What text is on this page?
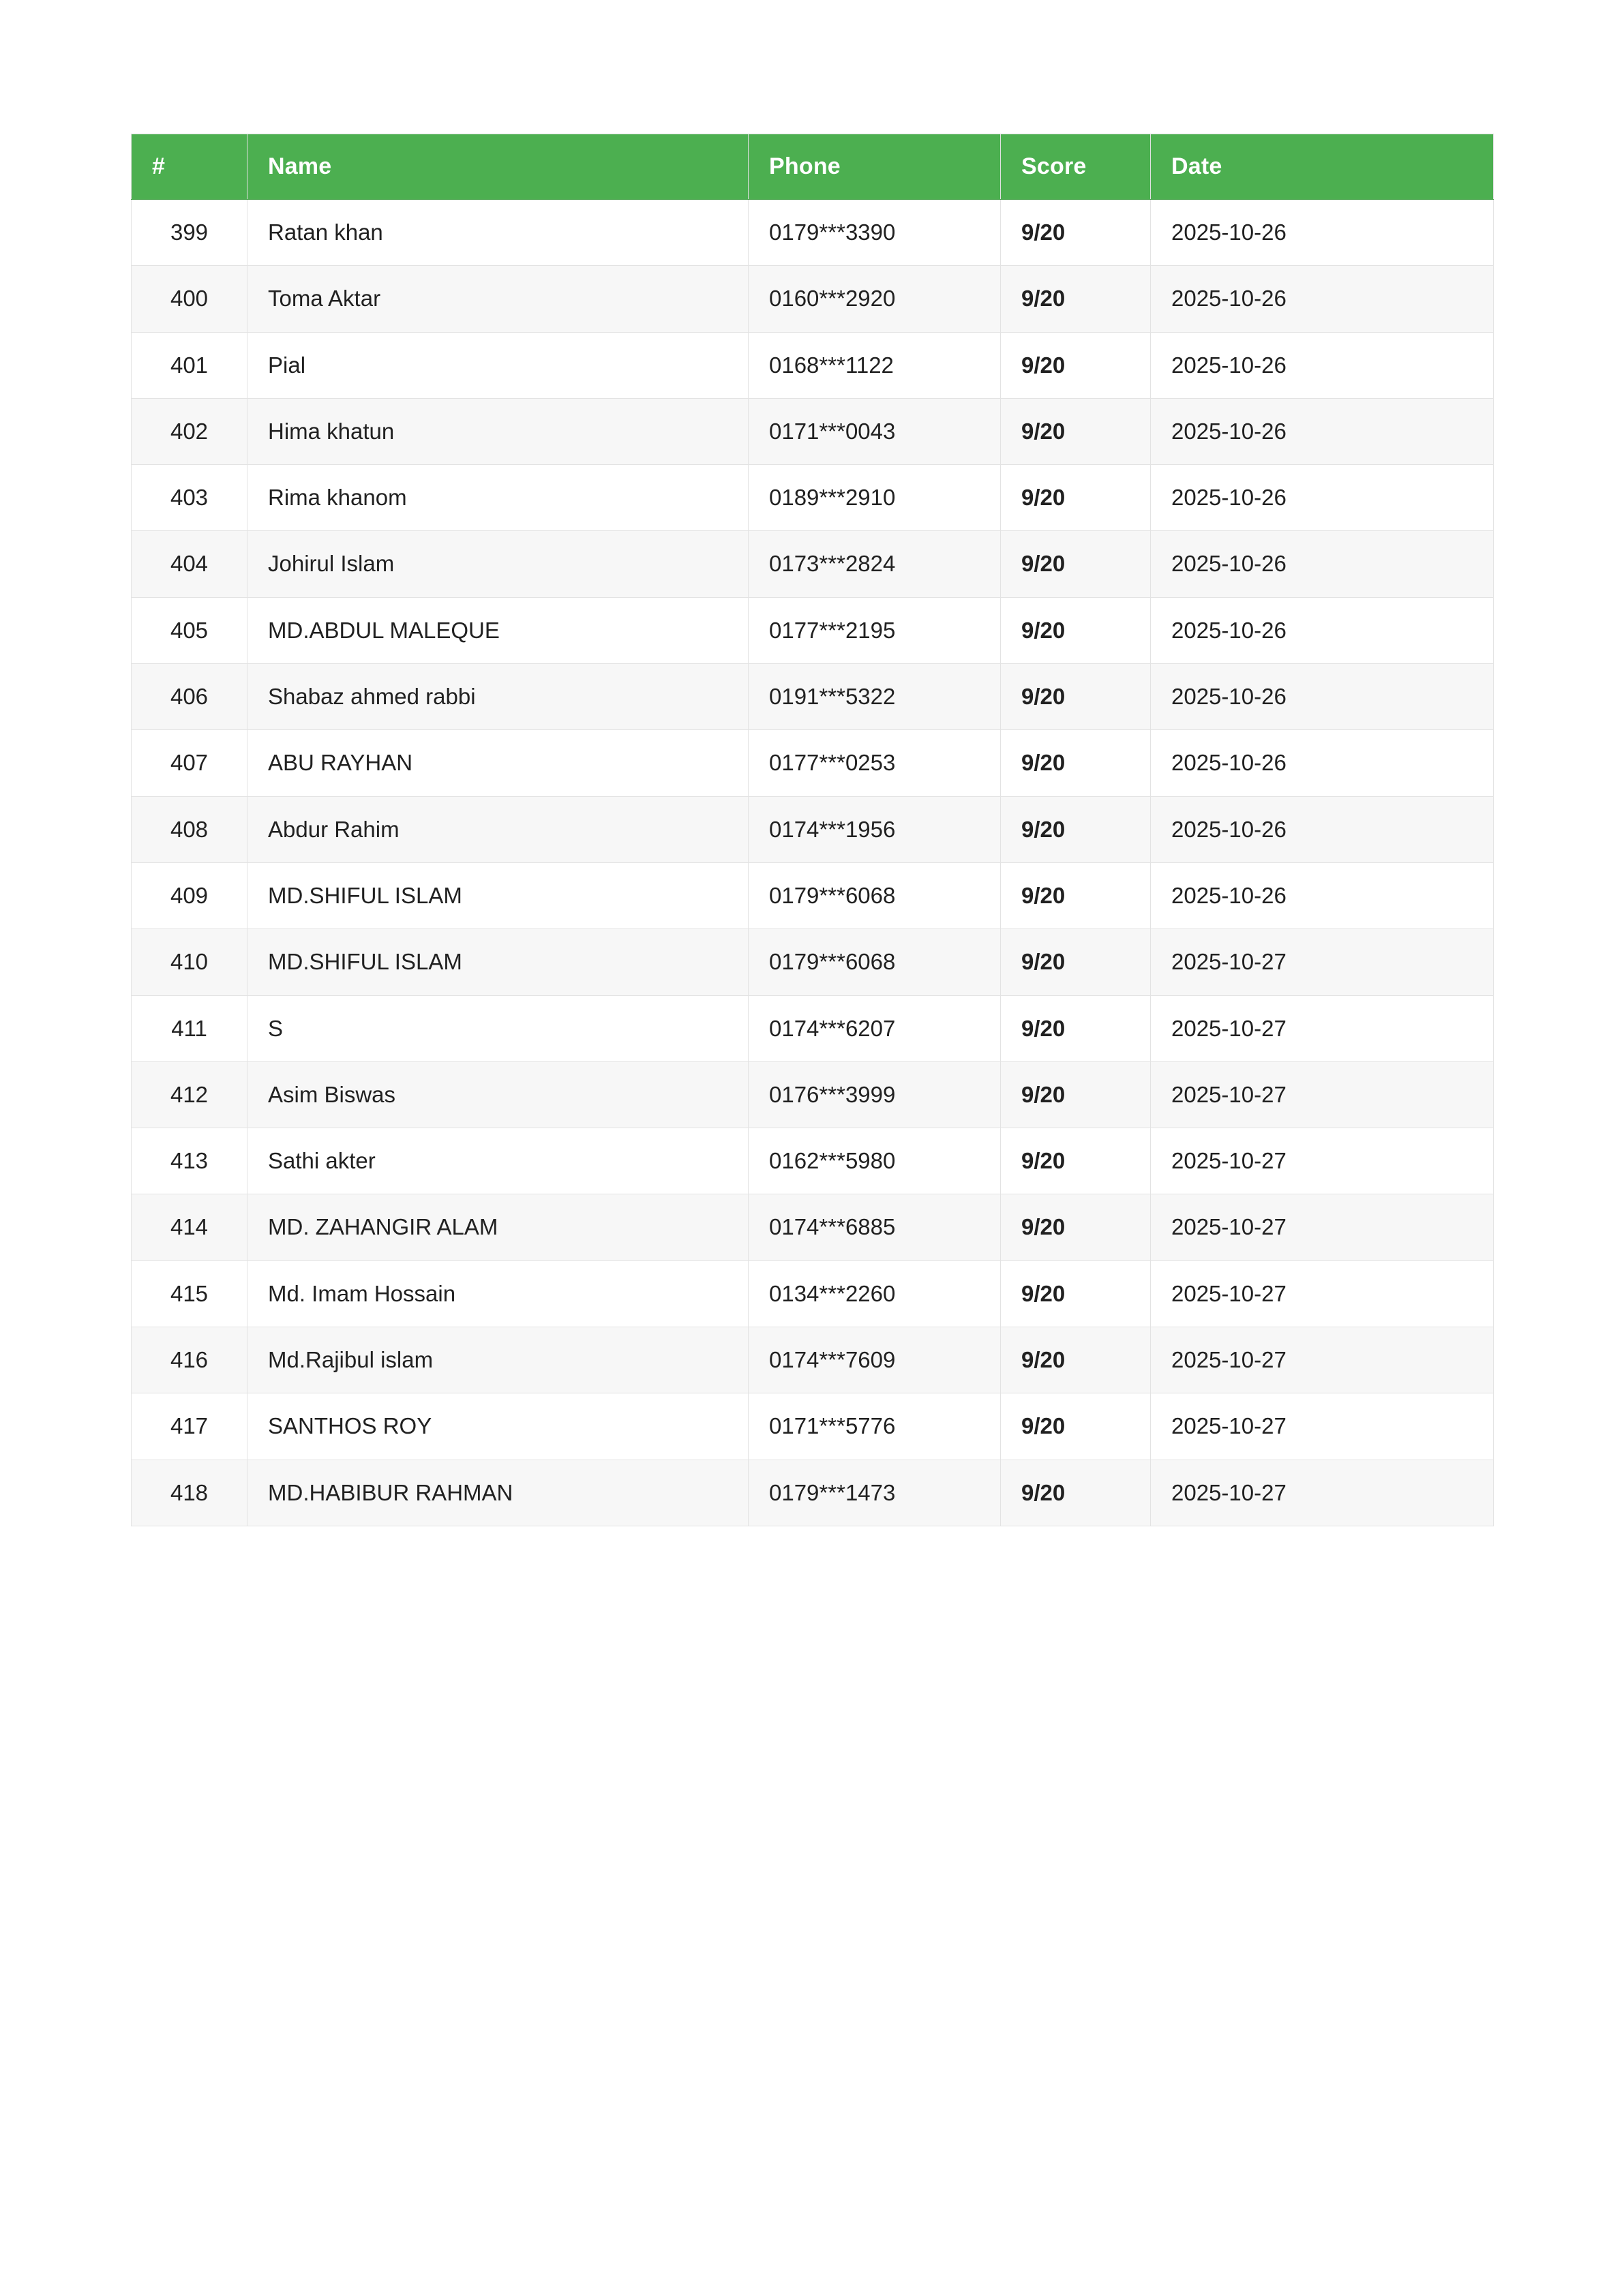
#	Name	Phone	Score	Date
399	Ratan khan	0179***3390	9/20	2025-10-26
400	Toma Aktar	0160***2920	9/20	2025-10-26
401	Pial	0168***1122	9/20	2025-10-26
402	Hima khatun	0171***0043	9/20	2025-10-26
403	Rima khanom	0189***2910	9/20	2025-10-26
404	Johirul Islam	0173***2824	9/20	2025-10-26
405	MD.ABDUL MALEQUE	0177***2195	9/20	2025-10-26
406	Shabaz ahmed rabbi	0191***5322	9/20	2025-10-26
407	ABU RAYHAN	0177***0253	9/20	2025-10-26
408	Abdur Rahim	0174***1956	9/20	2025-10-26
409	MD.SHIFUL ISLAM	0179***6068	9/20	2025-10-26
410	MD.SHIFUL ISLAM	0179***6068	9/20	2025-10-27
411	S	0174***6207	9/20	2025-10-27
412	Asim Biswas	0176***3999	9/20	2025-10-27
413	Sathi akter	0162***5980	9/20	2025-10-27
414	MD. ZAHANGIR ALAM	0174***6885	9/20	2025-10-27
415	Md. Imam Hossain	0134***2260	9/20	2025-10-27
416	Md.Rajibul islam	0174***7609	9/20	2025-10-27
417	SANTHOS ROY	0171***5776	9/20	2025-10-27
418	MD.HABIBUR RAHMAN	0179***1473	9/20	2025-10-27
